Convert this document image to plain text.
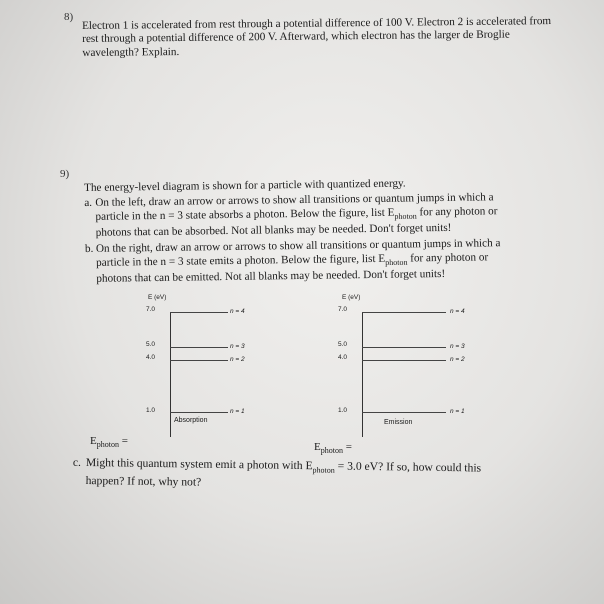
8) Electron 1 is accelerated from rest through a potential difference of 100 V. Electron 2 is accelerated from rest through a potential difference of 200 V. Afterward, which electron has the larger de Broglie wavelength? Explain.

9)
The energy-level diagram is shown for a particle with quantized energy.
a. On the left, draw an arrow or arrows to show all transitions or quantum jumps in which a
particle in the n = 3 state absorbs a photon. Below the figure, list $E_{photon}$ for any photon or
photons that can be absorbed. Not all blanks may be needed. Don't forget units!
b. On the right, draw an arrow or arrows to show all transitions or quantum jumps in which a
particle in the n = 3 state emits a photon. Below the figure, list $E_{photon}$ for any photon or
photons that can be emitted. Not all blanks may be needed. Don't forget units!
E (eV)
7.0	n = 4
5.0	n = 3
4.0	n = 2
1.0	n = 1
Absorption
E (eV)
7.0	n = 4
5.0	n = 3
4.0	n = 2
1.0	n = 1
Emission
$E_{photon}$ =	$E_{photon}$ =
c. Might this quantum system emit a photon with $E_{photon} = 3.0$ eV? If so, how could this
happen? If not, why not?
